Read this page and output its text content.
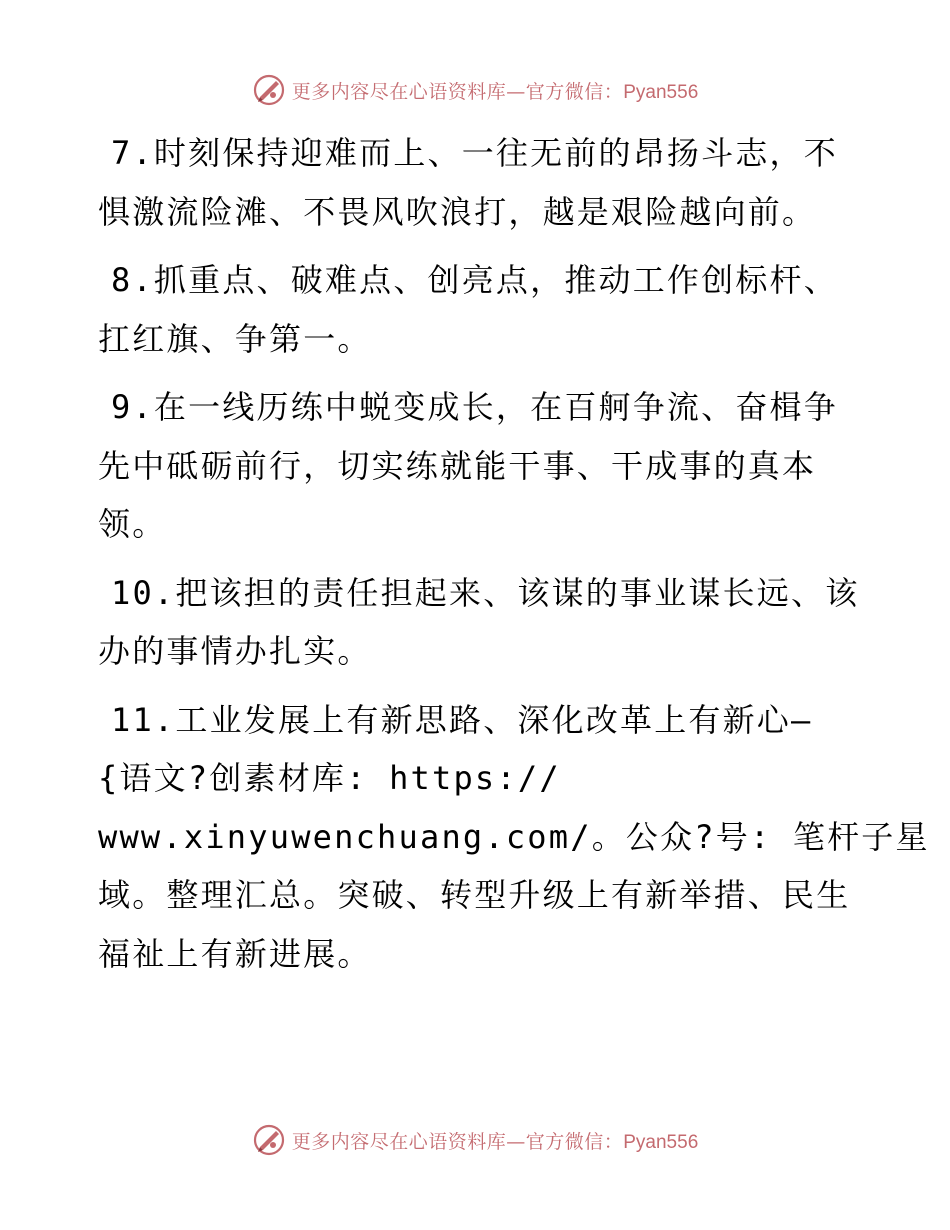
更多内容尽在心语资料库—官方微信：Pyan556

7.时刻保持迎难而上、一往无前的昂扬斗志，不
惧激流险滩、不畏风吹浪打，越是艰险越向前。

8.抓重点、破难点、创亮点，推动工作创标杆、
扛红旗、争第一。

9.在一线历练中蜕变成长，在百舸争流、奋楫争
先中砥砺前行，切实练就能干事、干成事的真本
领。

10.把该担的责任担起来、该谋的事业谋长远、该
办的事情办扎实。

11.工业发展上有新思路、深化改革上有新心—
{语文?创素材库: https://
www.xinyuwenchuang.com/。公众?号: 笔杆子星
域。整理汇总。突破、转型升级上有新举措、民生
福祉上有新进展。

更多内容尽在心语资料库—官方微信：Pyan556
